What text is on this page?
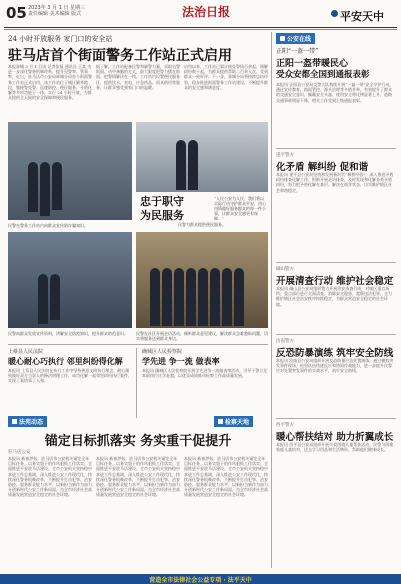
05 2023年 3 月 1 日 星期三
责任编辑 美术编辑 版式	法治日报	平安天中
24 小时开放服务 家门口的安全站
驻马店首个街面警务工作站正式启用
本报驿城 3 月 1 日讯 记者张磊 通讯员 王某 为进一步深化警务机制改革，提升见警率、管事率，近日，驻马店市公安局驿城分局首个街面警务工作站正式启用。该工作站位于城区繁华地段，集接警处警、巡逻防控、便民服务、矛盾化解等多项功能于一体，实行 24 小时开放，为群众提供全天候的安全保障和便民服务。
据了解，工作站配备民警和辅警力量，采取屯警街面、动中备勤的方式，最大限度把警力摆在街面、把警情解决在一线。工作站内设置便民服务区，提供饮水、充电、应急药品、雨具借用等服务，让群众感受到家门口的温暖。
启用以来，工作站已累计接处警情百余起，调解纠纷数十起，为群众提供帮助二百余人次，受到群众一致好评。下一步，驿城分局将持续总结经验，稳步推进街面警务工作站建设，不断提升群众的安全感和满意度。
忠于职守
为民服务
“人民公安为人民，我们将以实际行动守护群众平安，用心用情做好服务群众的每一件小事，让群众安全感更有保障。”
民警为群众提供便民服务。
民警向群众发放宣传资料，讲解安全防范知识，提升群众防范意识。	民警在社区开展走访活动，倾听群众意见建议，解决群众急难愁盼问题，切实将服务送到群众身边。
民警在警务工作站内向群众宣传防诈骗知识。
公安在线
正阳“一盔一带”
正阳一盔带暖民心
受众安都全国到通报表彰
本报讯 正阳县公安局交警大队持续开展“一盔一带”安全守护行动，通过宣传教育、路面管控、源头治理等多措并举，有效提升了群众的交通安全意识，佩戴安全头盔、使用安全带比例显著上升，道路交通事故明显下降，相关工作受到上级通报表彰。
遂平警方
化矛盾 解纠纷 促和谐
本报讯 遂平县公安局坚持和发展新时代“枫桥经验”，深入推进矛盾纠纷排查化解工作，积极开展走访排查，及时发现和化解各类矛盾纠纷，努力把矛盾化解在基层、解决在萌芽状态，切实维护辖区社会和谐稳定。
确山警方
开展清查行动 维护社会稳定
本报讯 确山县公安局组织警力开展治安清查行动，对辖区重点场所、重点部位进行全面清查，消除安全隐患，震慑违法犯罪，全力维护辖区社会治安秩序持续稳定，为群众营造安全稳定的社会环境。
汝南警方
反恐防暴演练 筑牢安全防线
本报讯 汝南县公安局组织开展反恐防暴应急处置演练，通过模拟突发事件现场，检验队伍快速反应和协同作战能力，进一步提升民警应对处置突发事件的实战水平，筑牢安全防线。
西平警方
暖心帮扶结对 助力折翼成长
本报讯 西平县公安局组织开展关爱困境儿童帮扶活动，民警与困难家庭儿童结对，送去学习用品和生活物资，帮助他们健康成长。
上蔡县人民法院
暖心耐心巧执行 邻里纠纷得化解
本报讯 上蔡县人民法院在执行工作中坚持善意文明执行理念，耐心细致做好双方当事人的释法明理工作，成功化解一起邻里纠纷执行案件，实现了案结事了人和。
确城区人民检察院
学先进 争一流 做表率
本报讯 确城区人民检察院开展学先进争一流做表率活动，引导干警立足本职岗位比学赶超，以优异成绩推动检察工作高质量发展。
法苑动态	检察天地
锚定目标抓落实 务实重干促提升
驻马店公安
本报讯 新春伊始，驻马店市公安机关锚定全年目标任务，以务实重干的作风狠抓工作落实，全面推进平安驻马店建设。全市公安机关坚持稳中求进工作总基调，深入推进公安工作现代化，持续深化警务机制改革，不断提升打击犯罪、治安防控、服务群众能力水平，以新担当新作为奋力开创新时代公安工作新局面，为全市经济社会高质量发展营造安全稳定的社会环境。
本报讯 新春伊始，驻马店市公安机关锚定全年目标任务，以务实重干的作风狠抓工作落实，全面推进平安驻马店建设。全市公安机关坚持稳中求进工作总基调，深入推进公安工作现代化，持续深化警务机制改革，不断提升打击犯罪、治安防控、服务群众能力水平，以新担当新作为奋力开创新时代公安工作新局面，为全市经济社会高质量发展营造安全稳定的社会环境。
本报讯 新春伊始，驻马店市公安机关锚定全年目标任务，以务实重干的作风狠抓工作落实，全面推进平安驻马店建设。全市公安机关坚持稳中求进工作总基调，深入推进公安工作现代化，持续深化警务机制改革，不断提升打击犯罪、治安防控、服务群众能力水平，以新担当新作为奋力开创新时代公安工作新局面，为全市经济社会高质量发展营造安全稳定的社会环境。
营造全市法律社会公益专项 · 法平天中
